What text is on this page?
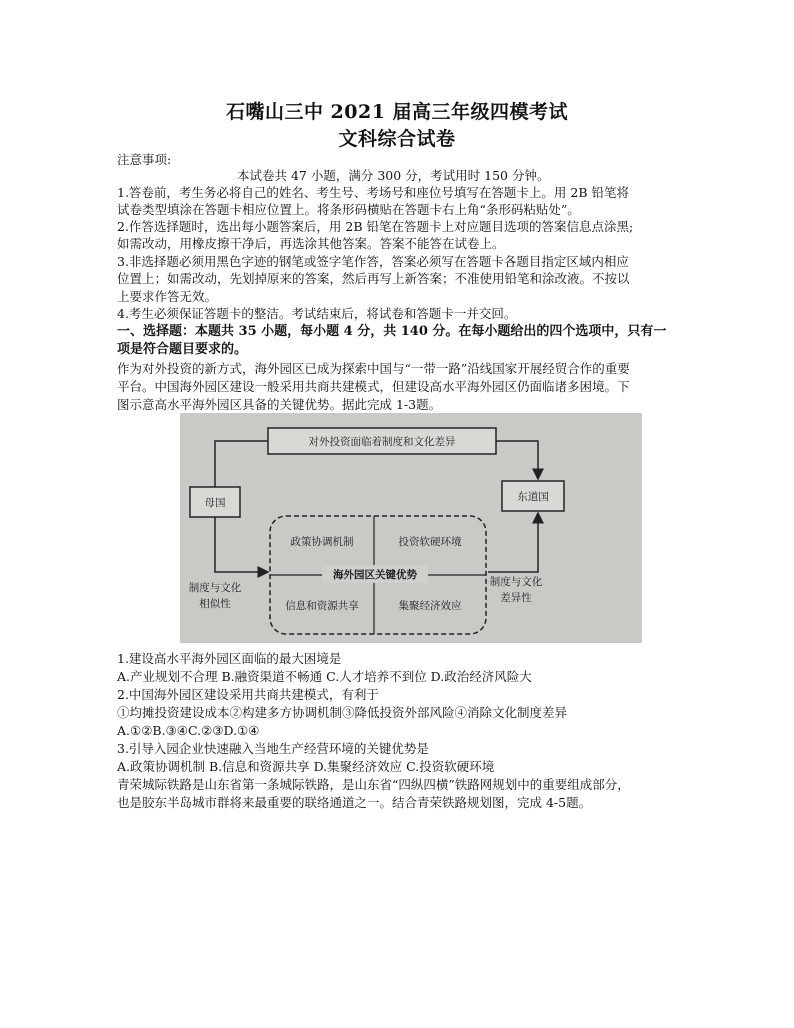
石嘴山三中 2021 届高三年级四模考试
文科综合试卷
注意事项:
本试卷共 47 小题，满分 300 分，考试用时 150 分钟。
1.答卷前，考生务必将自己的姓名、考生号、考场号和座位号填写在答题卡上。用 2B 铅笔将
试卷类型填涂在答题卡相应位置上。将条形码横贴在答题卡右上角“条形码粘贴处”。
2.作答选择题时，选出每小题答案后，用 2B 铅笔在答题卡上对应题目选项的答案信息点涂黑;
如需改动，用橡皮擦干净后，再选涂其他答案。答案不能答在试卷上。
3.非选择题必须用黑色字迹的钢笔或签字笔作答，答案必须写在答题卡各题目指定区域内相应
位置上；如需改动，先划掉原来的答案，然后再写上新答案；不准使用铅笔和涂改液。不按以
上要求作答无效。
4.考生必须保证答题卡的整洁。考试结束后，将试卷和答题卡一并交回。
一、选择题：本题共 35 小题，每小题 4 分，共 140 分。在每小题给出的四个选项中，只有一
项是符合题目要求的。
作为对外投资的新方式，海外园区已成为探索中国与“一带一路”沿线国家开展经贸合作的重要
平台。中国海外园区建设一般采用共商共建模式，但建设高水平海外园区仍面临诸多困境。下
图示意高水平海外园区具备的关键优势。据此完成 1-3题。
对外投资面临着制度和文化差异
母国	东道国
政策协调机制	投资软硬环境
信息和资源共享	集聚经济效应
海外园区关键优势
制度与文化
相似性
制度与文化
差异性
1.建设高水平海外园区面临的最大困境是
A.产业规划不合理 B.融资渠道不畅通 C.人才培养不到位 D.政治经济风险大
2.中国海外园区建设采用共商共建模式，有利于
①均摊投资建设成本②构建多方协调机制③降低投资外部风险④消除文化制度差异
A.①②B.③④C.②③D.①④
3.引导入园企业快速融入当地生产经营环境的关键优势是
A.政策协调机制 B.信息和资源共享 D.集聚经济效应 C.投资软硬环境
青荣城际铁路是山东省第一条城际铁路，是山东省“四纵四横”铁路网规划中的重要组成部分，
也是胶东半岛城市群将来最重要的联络通道之一。结合青荣铁路规划图，完成 4-5题。
